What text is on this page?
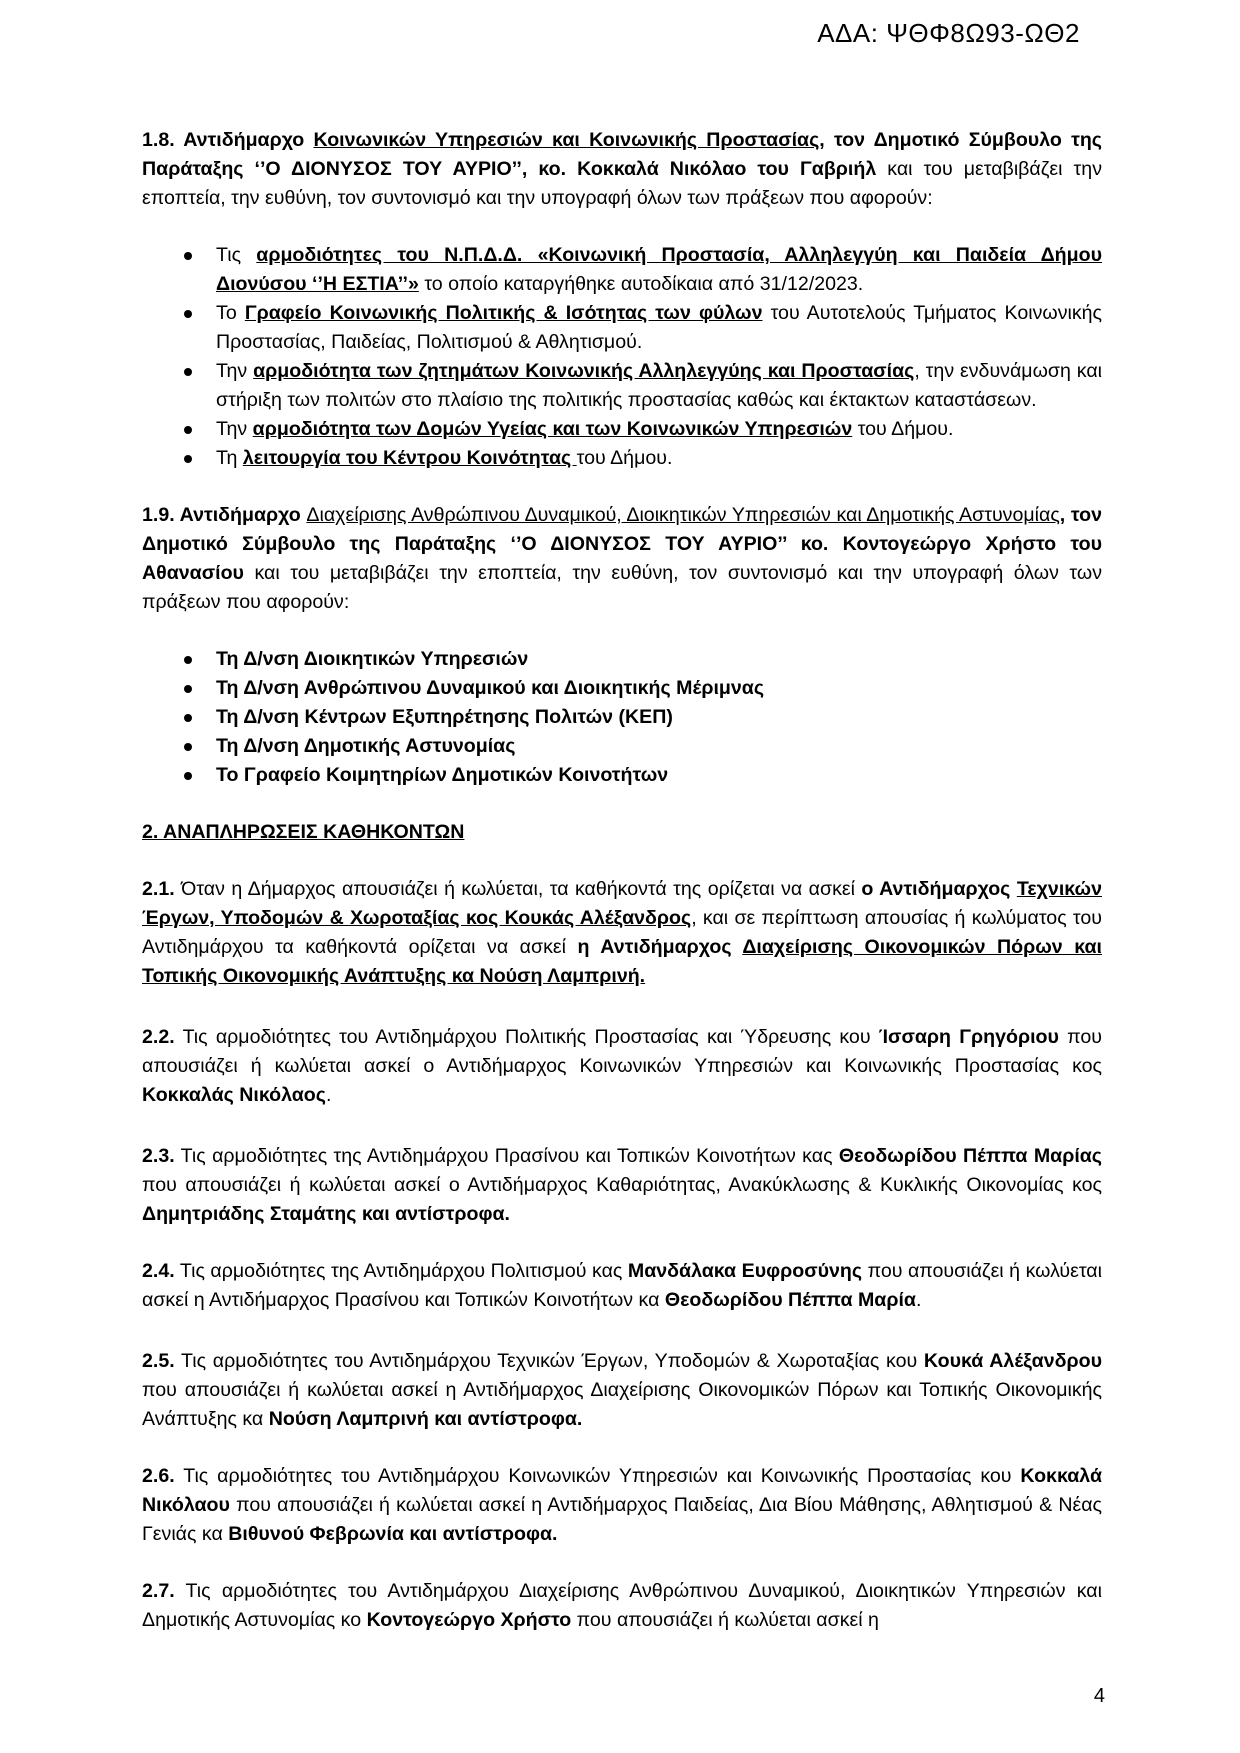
ΑΔΑ: ΨΘΦ8Ω93-ΩΘ2

1.8. Αντιδήμαρχο Κοινωνικών Υπηρεσιών και Κοινωνικής Προστασίας, τον Δημοτικό Σύμβουλο της Παράταξης ‘’Ο ΔΙΟΝΥΣΟΣ ΤΟΥ ΑΥΡΙΟ’’, κο. Κοκκαλά Νικόλαο του Γαβριήλ και του μεταβιβάζει την εποπτεία, την ευθύνη, τον συντονισμό και την υπογραφή όλων των πράξεων που αφορούν:

Τις αρμοδιότητες του Ν.Π.Δ.Δ. «Κοινωνική Προστασία, Αλληλεγγύη και Παιδεία Δήμου Διονύσου ‘’Η ΕΣΤΙΑ’’» το οποίο καταργήθηκε αυτοδίκαια από 31/12/2023.
Το Γραφείο Κοινωνικής Πολιτικής & Ισότητας των φύλων του Αυτοτελούς Τμήματος Κοινωνικής Προστασίας, Παιδείας, Πολιτισμού & Αθλητισμού.
Την αρμοδιότητα των ζητημάτων Κοινωνικής Αλληλεγγύης και Προστασίας, την ενδυνάμωση και στήριξη των πολιτών στο πλαίσιο της πολιτικής προστασίας καθώς και έκτακτων καταστάσεων.
Την αρμοδιότητα των Δομών Υγείας και των Κοινωνικών Υπηρεσιών του Δήμου.
Τη λειτουργία του Κέντρου Κοινότητας του Δήμου.

1.9. Αντιδήμαρχο Διαχείρισης Ανθρώπινου Δυναμικού, Διοικητικών Υπηρεσιών και Δημοτικής Αστυνομίας, τον Δημοτικό Σύμβουλο της Παράταξης ‘’Ο ΔΙΟΝΥΣΟΣ ΤΟΥ ΑΥΡΙΟ’’ κο. Κοντογεώργο Χρήστο του Αθανασίου και του μεταβιβάζει την εποπτεία, την ευθύνη, τον συντονισμό και την υπογραφή όλων των πράξεων που αφορούν:

Τη Δ/νση Διοικητικών Υπηρεσιών
Τη Δ/νση Ανθρώπινου Δυναμικού και Διοικητικής Μέριμνας
Τη Δ/νση Κέντρων Εξυπηρέτησης Πολιτών (ΚΕΠ)
Τη Δ/νση Δημοτικής Αστυνομίας
Το Γραφείο Κοιμητηρίων Δημοτικών Κοινοτήτων

2. ΑΝΑΠΛΗΡΩΣΕΙΣ ΚΑΘΗΚΟΝΤΩΝ

2.1. Όταν η Δήμαρχος απουσιάζει ή κωλύεται, τα καθήκοντά της ορίζεται να ασκεί ο Αντιδήμαρχος Τεχνικών Έργων, Υποδομών & Χωροταξίας κος Κουκάς Αλέξανδρος, και σε περίπτωση απουσίας ή κωλύματος του Αντιδημάρχου τα καθήκοντά ορίζεται να ασκεί η Αντιδήμαρχος Διαχείρισης Οικονομικών Πόρων και Τοπικής Οικονομικής Ανάπτυξης κα Νούση Λαμπρινή.

2.2. Τις αρμοδιότητες του Αντιδημάρχου Πολιτικής Προστασίας και Ύδρευσης κου Ίσσαρη Γρηγόριου που απουσιάζει ή κωλύεται ασκεί ο Αντιδήμαρχος Κοινωνικών Υπηρεσιών και Κοινωνικής Προστασίας κος Κοκκαλάς Νικόλαος.

2.3. Τις αρμοδιότητες της Αντιδημάρχου Πρασίνου και Τοπικών Κοινοτήτων κας Θεοδωρίδου Πέππα Μαρίας που απουσιάζει ή κωλύεται ασκεί ο Αντιδήμαρχος Καθαριότητας, Ανακύκλωσης & Κυκλικής Οικονομίας κος Δημητριάδης Σταμάτης και αντίστροφα.

2.4. Τις αρμοδιότητες της Αντιδημάρχου Πολιτισμού κας Μανδάλακα Ευφροσύνης που απουσιάζει ή κωλύεται ασκεί η Αντιδήμαρχος Πρασίνου και Τοπικών Κοινοτήτων κα Θεοδωρίδου Πέππα Μαρία.

2.5. Τις αρμοδιότητες του Αντιδημάρχου Τεχνικών Έργων, Υποδομών & Χωροταξίας κου Κουκά Αλέξανδρου που απουσιάζει ή κωλύεται ασκεί η Αντιδήμαρχος Διαχείρισης Οικονομικών Πόρων και Τοπικής Οικονομικής Ανάπτυξης κα Νούση Λαμπρινή και αντίστροφα.

2.6. Τις αρμοδιότητες του Αντιδημάρχου Κοινωνικών Υπηρεσιών και Κοινωνικής Προστασίας κου Κοκκαλά Νικόλαου που απουσιάζει ή κωλύεται ασκεί η Αντιδήμαρχος Παιδείας, Δια Βίου Μάθησης, Αθλητισμού & Νέας Γενιάς κα Βιθυνού Φεβρωνία και αντίστροφα.

2.7. Τις αρμοδιότητες του Αντιδημάρχου Διαχείρισης Ανθρώπινου Δυναμικού, Διοικητικών Υπηρεσιών και Δημοτικής Αστυνομίας κο Κοντογεώργο Χρήστο που απουσιάζει ή κωλύεται ασκεί η

4
